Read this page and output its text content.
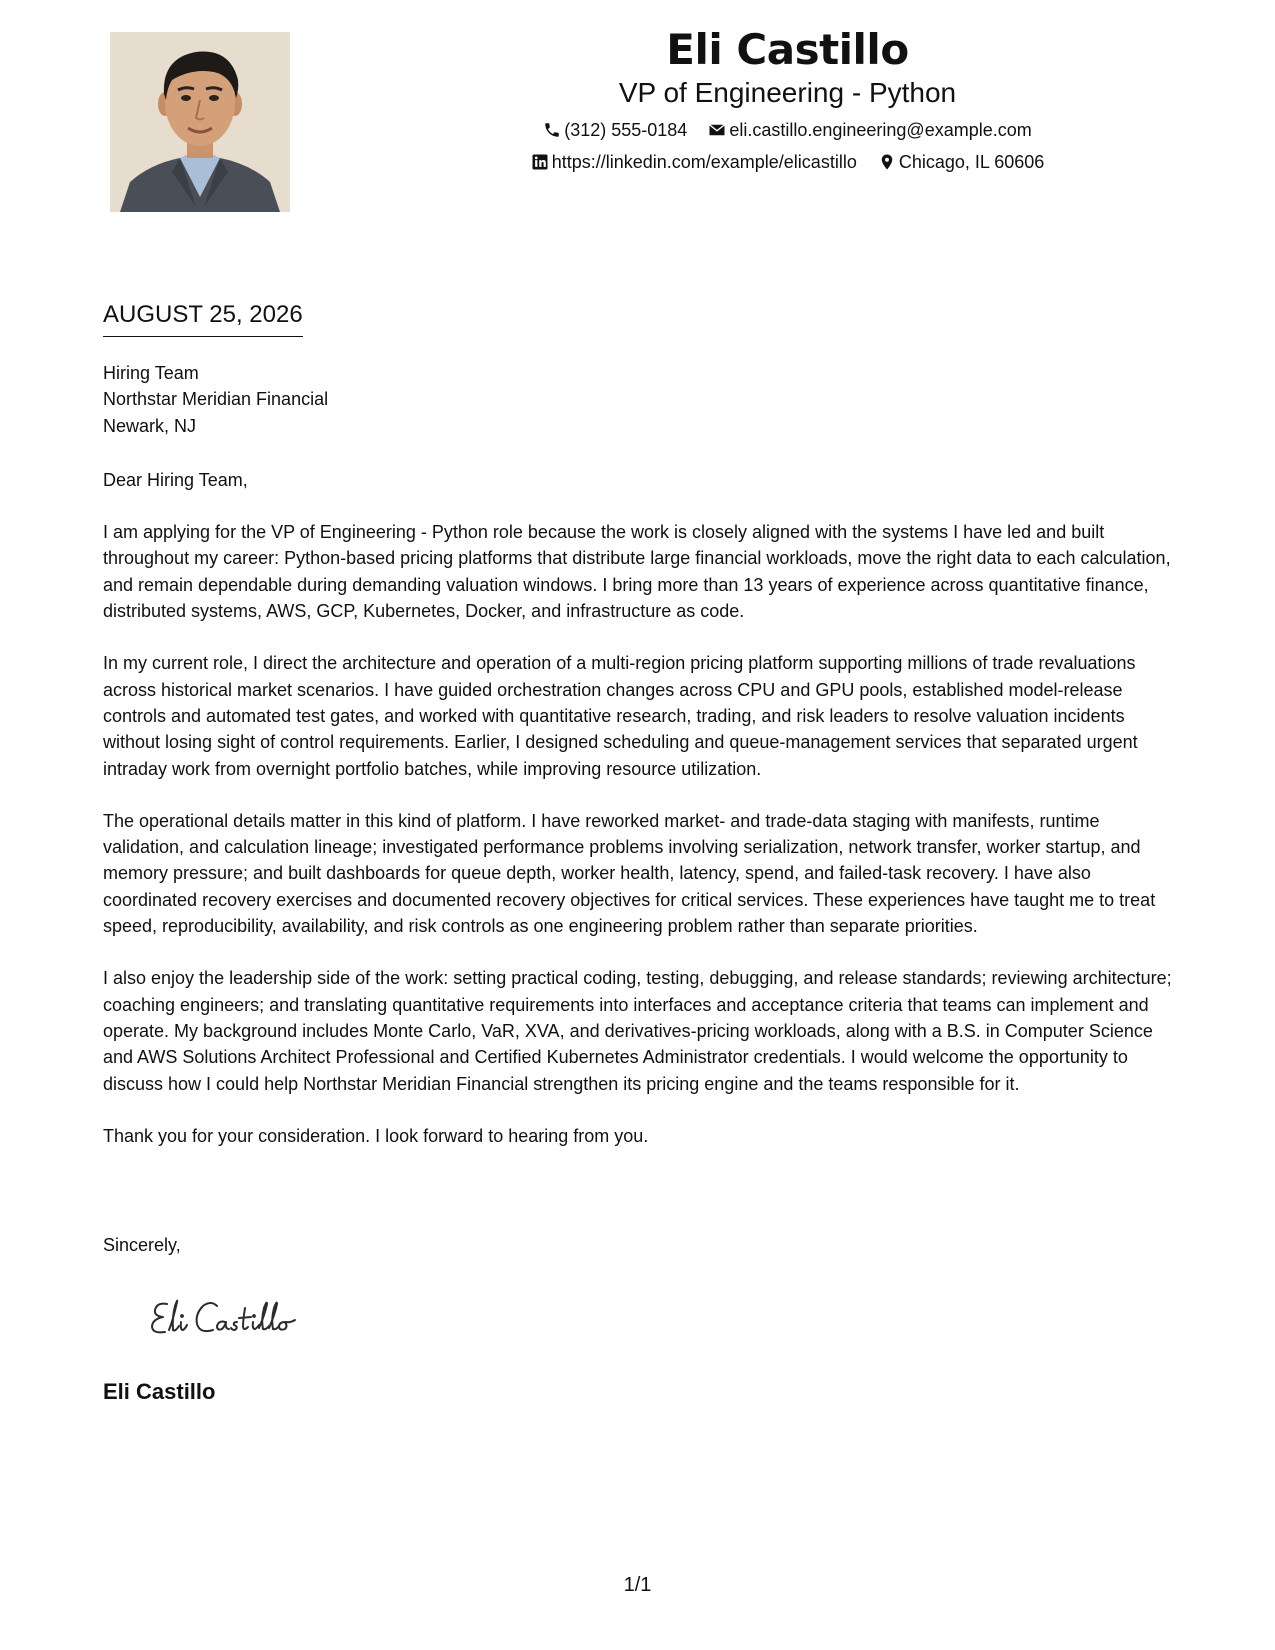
Eli Castillo
VP of Engineering - Python
(312) 555-0184 eli.castillo.engineering@example.com
https://linkedin.com/example/elicastillo Chicago, IL 60606
AUGUST 25, 2026
Hiring Team
Northstar Meridian Financial
Newark, NJ
Dear Hiring Team,
I am applying for the VP of Engineering - Python role because the work is closely aligned with the systems I have led and built throughout my career: Python-based pricing platforms that distribute large financial workloads, move the right data to each calculation, and remain dependable during demanding valuation windows. I bring more than 13 years of experience across quantitative finance, distributed systems, AWS, GCP, Kubernetes, Docker, and infrastructure as code.
In my current role, I direct the architecture and operation of a multi-region pricing platform supporting millions of trade revaluations across historical market scenarios. I have guided orchestration changes across CPU and GPU pools, established model-release controls and automated test gates, and worked with quantitative research, trading, and risk leaders to resolve valuation incidents without losing sight of control requirements. Earlier, I designed scheduling and queue-management services that separated urgent intraday work from overnight portfolio batches, while improving resource utilization.
The operational details matter in this kind of platform. I have reworked market- and trade-data staging with manifests, runtime validation, and calculation lineage; investigated performance problems involving serialization, network transfer, worker startup, and memory pressure; and built dashboards for queue depth, worker health, latency, spend, and failed-task recovery. I have also coordinated recovery exercises and documented recovery objectives for critical services. These experiences have taught me to treat speed, reproducibility, availability, and risk controls as one engineering problem rather than separate priorities.
I also enjoy the leadership side of the work: setting practical coding, testing, debugging, and release standards; reviewing architecture; coaching engineers; and translating quantitative requirements into interfaces and acceptance criteria that teams can implement and operate. My background includes Monte Carlo, VaR, XVA, and derivatives-pricing workloads, along with a B.S. in Computer Science and AWS Solutions Architect Professional and Certified Kubernetes Administrator credentials. I would welcome the opportunity to discuss how I could help Northstar Meridian Financial strengthen its pricing engine and the teams responsible for it.
Thank you for your consideration. I look forward to hearing from you.
Sincerely,
Eli Castillo
1/1
